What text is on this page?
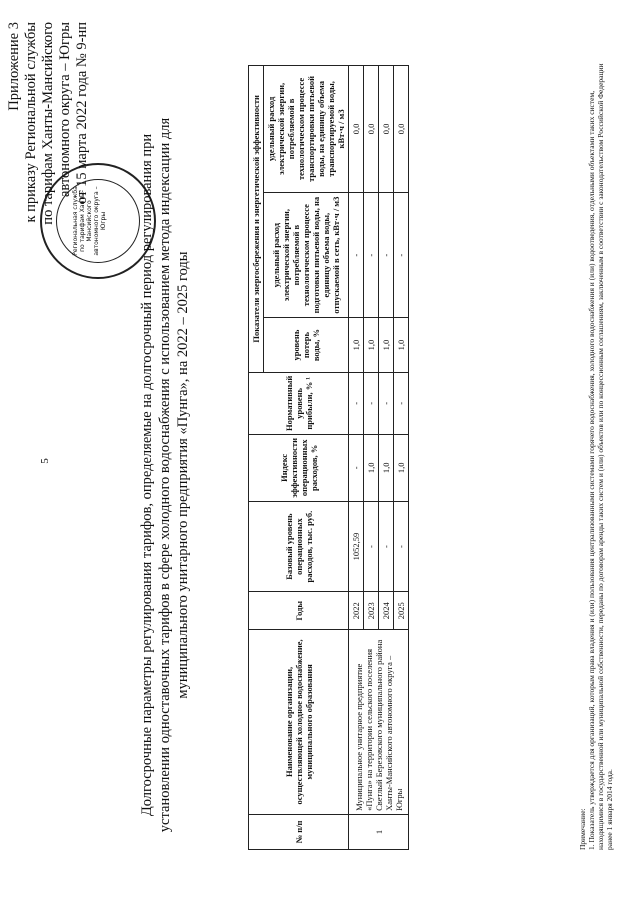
5
Региональная служба по тарифам Ханты-Мансийского автономного округа – Югры
Приложение 3 к приказу Региональной службы по тарифам Ханты-Мансийского автономного округа – Югры от 15 марта 2022 года № 9-нп
Долгосрочные параметры регулирования тарифов, определяемые на долгосрочный период регулирования при установлении одноставочных тарифов в сфере холодного водоснабжения с использованием метода индексации для муниципального унитарного предприятия «Пунга», на 2022 – 2025 годы
№ п/п	Наименование организации, осуществляющей холодное водоснабжение, муниципального образования	Годы	Базовый уровень операционных расходов, тыс. руб.	Индекс эффективности операционных расходов, %	Нормативный уровень прибыли, % ¹	Показатели энергосбережения и энергетической эффективности		
						уровень потерь воды, %	удельный расход электрической энергии, потребляемой в технологическом процессе подготовки питьевой воды, на единицу объема воды, отпускаемой в сеть, кВт·ч / м3	удельный расход электрической энергии, потребляемой в технологическом процессе транспортировки питьевой воды, на единицу объема транспортируемой воды, кВт·ч / м3
1	Муниципальное унитарное предприятие «Пунга» на территории сельского поселения Светлый Березовского муниципального района Ханты-Мансийского автономного округа – Югры	2022	1052,59	-	-	1,0	-	0,0
		2023	-	1,0	-	1,0	-	0,0
		2024	-	1,0	-	1,0	-	0,0
		2025	-	1,0	-	1,0	-	0,0
Примечание: 1. Показатель утверждается для организаций, которым права владения и (или) пользования централизованными системами горячего водоснабжения, холодного водоснабжения и (или) водоотведения, отдельными объектами таких систем, находящимися в государственной или муниципальной собственности, переданы по договорам аренды таких систем и (или) объектов или по концессионным соглашениям, заключенным в соответствии с законодательством Российской Федерации ранее 1 января 2014 года.
